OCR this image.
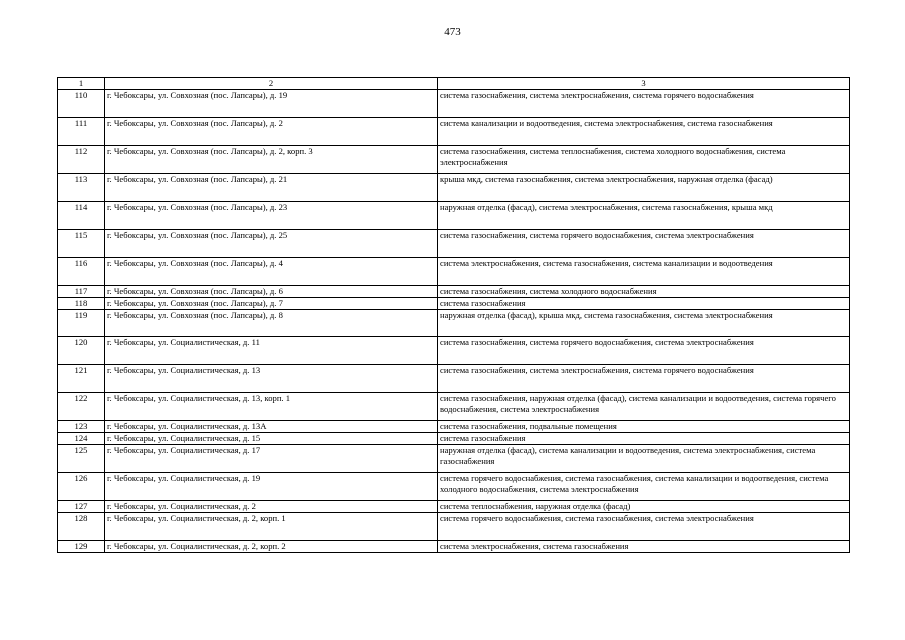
473
1	2	3
110	г. Чебоксары, ул. Совхозная (пос. Лапсары), д. 19	система газоснабжения, система электроснабжения, система горячего водоснабжения
111	г. Чебоксары, ул. Совхозная (пос. Лапсары), д. 2	система канализации и водоотведения, система электроснабжения, система газоснабжения
112	г. Чебоксары, ул. Совхозная (пос. Лапсары), д. 2, корп. 3	система газоснабжения, система теплоснабжения, система холодного водоснабжения, система электроснабжения
113	г. Чебоксары, ул. Совхозная (пос. Лапсары), д. 21	крыша мкд, система газоснабжения, система электроснабжения, наружная отделка (фасад)
114	г. Чебоксары, ул. Совхозная (пос. Лапсары), д. 23	наружная отделка (фасад), система электроснабжения, система газоснабжения, крыша мкд
115	г. Чебоксары, ул. Совхозная (пос. Лапсары), д. 25	система газоснабжения, система горячего водоснабжения, система электроснабжения
116	г. Чебоксары, ул. Совхозная (пос. Лапсары), д. 4	система электроснабжения, система газоснабжения, система канализации и водоотведения
117	г. Чебоксары, ул. Совхозная (пос. Лапсары), д. 6	система газоснабжения, система холодного водоснабжения
118	г. Чебоксары, ул. Совхозная (пос. Лапсары), д. 7	система газоснабжения
119	г. Чебоксары, ул. Совхозная (пос. Лапсары), д. 8	наружная отделка (фасад), крыша мкд, система газоснабжения, система электроснабжения
120	г. Чебоксары, ул. Социалистическая, д. 11	система газоснабжения, система горячего водоснабжения, система электроснабжения
121	г. Чебоксары, ул. Социалистическая, д. 13	система газоснабжения, система электроснабжения, система горячего водоснабжения
122	г. Чебоксары, ул. Социалистическая, д. 13, корп. 1	система газоснабжения, наружная отделка (фасад), система канализации и водоотведения, система горячего водоснабжения, система электроснабжения
123	г. Чебоксары, ул. Социалистическая, д. 13А	система газоснабжения, подвальные помещения
124	г. Чебоксары, ул. Социалистическая, д. 15	система газоснабжения
125	г. Чебоксары, ул. Социалистическая, д. 17	наружная отделка (фасад), система канализации и водоотведения, система электроснабжения, система газоснабжения
126	г. Чебоксары, ул. Социалистическая, д. 19	система горячего водоснабжения, система газоснабжения, система канализации и водоотведения, система холодного водоснабжения, система электроснабжения
127	г. Чебоксары, ул. Социалистическая, д. 2	система теплоснабжения, наружная отделка (фасад)
128	г. Чебоксары, ул. Социалистическая, д. 2, корп. 1	система горячего водоснабжения, система газоснабжения, система электроснабжения
129	г. Чебоксары, ул. Социалистическая, д. 2, корп. 2	система электроснабжения, система газоснабжения
